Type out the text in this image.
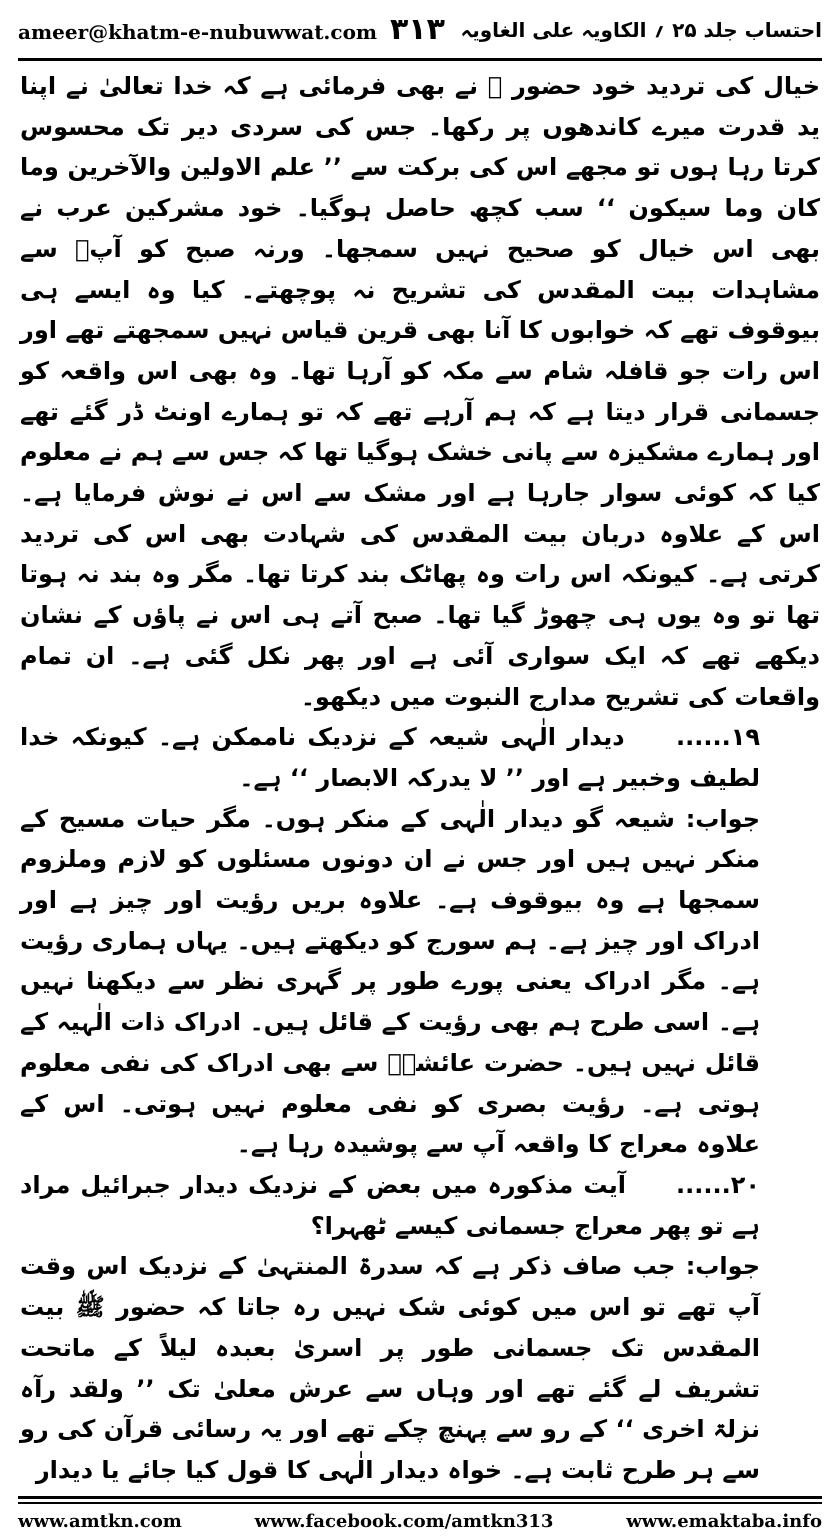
ameer@khatm-e-nubuwwat.com ۳۱۳ احتساب جلد ۲۵ ؍ الکاویہ علی الغاویہ

خیال کی تردید خود حضور ﷺ نے بھی فرمائی ہے کہ خدا تعالیٰ نے اپنا ید قدرت میرے کاندھوں پر رکھا۔ جس کی سردی دیر تک محسوس کرتا رہا ہوں تو مجھے اس کی برکت سے ’’ علم الاولین والآخرین وما کان وما سیکون ‘‘ سب کچھ حاصل ہوگیا۔ خود مشرکین عرب نے بھی اس خیال کو صحیح نہیں سمجھا۔ ورنہ صبح کو آپؐ سے مشاہدات بیت المقدس کی تشریح نہ پوچھتے۔ کیا وہ ایسے ہی بیوقوف تھے کہ خوابوں کا آنا بھی قرین قیاس نہیں سمجھتے تھے اور اس رات جو قافلہ شام سے مکہ کو آرہا تھا۔ وہ بھی اس واقعہ کو جسمانی قرار دیتا ہے کہ ہم آرہے تھے کہ تو ہمارے اونٹ ڈر گئے تھے اور ہمارے مشکیزہ سے پانی خشک ہوگیا تھا کہ جس سے ہم نے معلوم کیا کہ کوئی سوار جارہا ہے اور مشک سے اس نے نوش فرمایا ہے۔ اس کے علاوہ دربان بیت المقدس کی شہادت بھی اس کی تردید کرتی ہے۔ کیونکہ اس رات وہ پھاٹک بند کرتا تھا۔ مگر وہ بند نہ ہوتا تھا تو وہ یوں ہی چھوڑ گیا تھا۔ صبح آتے ہی اس نے پاؤں کے نشان دیکھے تھے کہ ایک سواری آئی ہے اور پھر نکل گئی ہے۔ ان تمام واقعات کی تشریح مدارج النبوت میں دیکھو۔

۱۹...... دیدار الٰہی شیعہ کے نزدیک ناممکن ہے۔ کیونکہ خدا لطیف وخبیر ہے اور ’’ لا یدرکہ الابصار ‘‘ ہے۔

جواب: شیعہ گو دیدار الٰہی کے منکر ہوں۔ مگر حیات مسیح کے منکر نہیں ہیں اور جس نے ان دونوں مسئلوں کو لازم وملزوم سمجھا ہے وہ بیوقوف ہے۔ علاوہ بریں رؤیت اور چیز ہے اور ادراک اور چیز ہے۔ ہم سورج کو دیکھتے ہیں۔ یہاں ہماری رؤیت ہے۔ مگر ادراک یعنی پورے طور پر گہری نظر سے دیکھنا نہیں ہے۔ اسی طرح ہم بھی رؤیت کے قائل ہیں۔ ادراک ذات الٰہیہ کے قائل نہیں ہیں۔ حضرت عائشہؓ سے بھی ادراک کی نفی معلوم ہوتی ہے۔ رؤیت بصری کو نفی معلوم نہیں ہوتی۔ اس کے علاوہ معراج کا واقعہ آپ سے پوشیدہ رہا ہے۔

۲۰...... آیت مذکورہ میں بعض کے نزدیک دیدار جبرائیل مراد ہے تو پھر معراج جسمانی کیسے ٹھہرا؟

جواب: جب صاف ذکر ہے کہ سدرۃ المنتہیٰ کے نزدیک اس وقت آپ تھے تو اس میں کوئی شک نہیں رہ جاتا کہ حضور ﷺ بیت المقدس تک جسمانی طور پر اسریٰ بعبدہ لیلاً کے ماتحت تشریف لے گئے تھے اور وہاں سے عرش معلیٰ تک ’’ ولقد رآہ نزلۃ اخری ‘‘ کے رو سے پہنچ چکے تھے اور یہ رسائی قرآن کی رو سے ہر طرح ثابت ہے۔ خواہ دیدار الٰہی کا قول کیا جائے یا دیدار

www.amtkn.com	www.facebook.com/amtkn313	www.emaktaba.info
